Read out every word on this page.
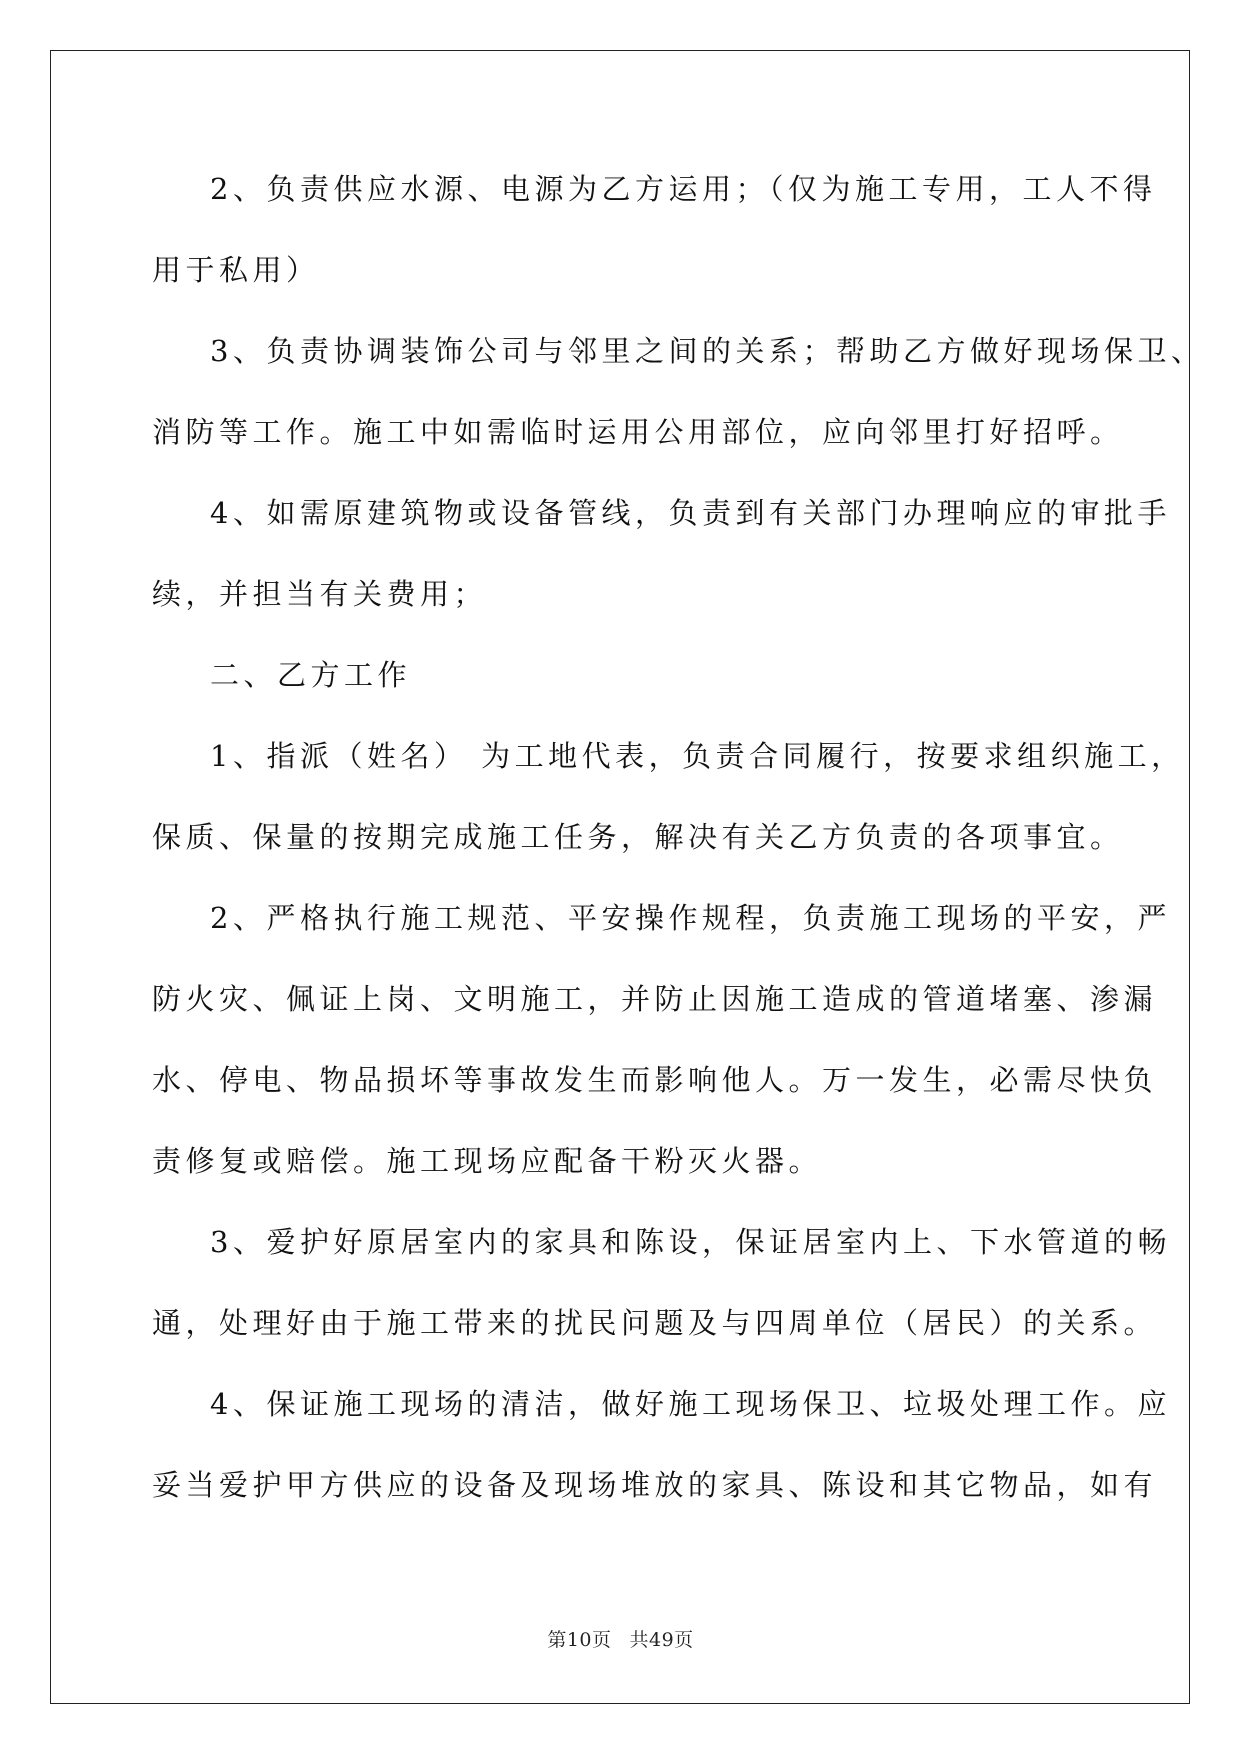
2、负责供应水源、电源为乙方运用；（仅为施工专用，工人不得
用于私用）
3、负责协调装饰公司与邻里之间的关系；帮助乙方做好现场保卫、
消防等工作。施工中如需临时运用公用部位，应向邻里打好招呼。
4、如需原建筑物或设备管线，负责到有关部门办理响应的审批手
续，并担当有关费用；
二、乙方工作
1、指派（姓名） 为工地代表，负责合同履行，按要求组织施工，
保质、保量的按期完成施工任务，解决有关乙方负责的各项事宜。
2、严格执行施工规范、平安操作规程，负责施工现场的平安，严
防火灾、佩证上岗、文明施工，并防止因施工造成的管道堵塞、渗漏
水、停电、物品损坏等事故发生而影响他人。万一发生，必需尽快负
责修复或赔偿。施工现场应配备干粉灭火器。
3、爱护好原居室内的家具和陈设，保证居室内上、下水管道的畅
通，处理好由于施工带来的扰民问题及与四周单位（居民）的关系。
4、保证施工现场的清洁，做好施工现场保卫、垃圾处理工作。应
妥当爱护甲方供应的设备及现场堆放的家具、陈设和其它物品，如有
第10页 共49页
